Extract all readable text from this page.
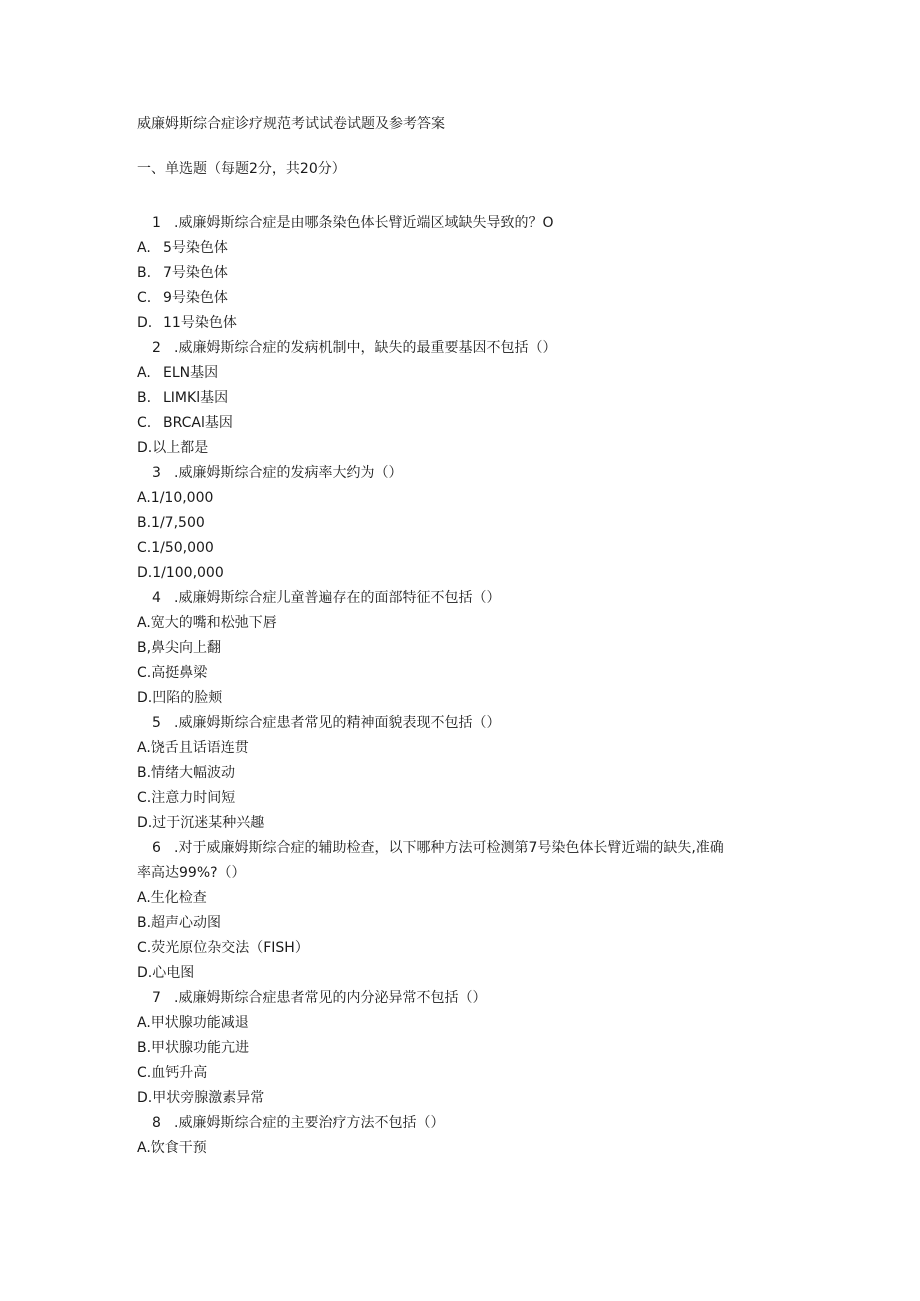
威廉姆斯综合症诊疗规范考试试卷试题及参考答案
一、单选题（每题2分，共20分）
1 .威廉姆斯综合症是由哪条染色体长臂近端区域缺失导致的？O
A. 5号染色体
B. 7号染色体
C. 9号染色体
D. 11号染色体
2 .威廉姆斯综合症的发病机制中，缺失的最重要基因不包括（）
A. ELN基因
B. LIMKl基因
C. BRCAl基因
D.以上都是
3 .威廉姆斯综合症的发病率大约为（）
A.1/10,000
B.1/7,500
C.1/50,000
D.1/100,000
4 .威廉姆斯综合症儿童普遍存在的面部特征不包括（）
A.宽大的嘴和松弛下唇
B,鼻尖向上翻
C.高挺鼻梁
D.凹陷的脸颊
5 .威廉姆斯综合症患者常见的精神面貌表现不包括（）
A.饶舌且话语连贯
B.情绪大幅波动
C.注意力时间短
D.过于沉迷某种兴趣
6 .对于威廉姆斯综合症的辅助检查，以下哪种方法可检测第7号染色体长臂近端的缺失,准确
率高达99%?（）
A.生化检查
B.超声心动图
C.荧光原位杂交法（FISH）
D.心电图
7 .威廉姆斯综合症患者常见的内分泌异常不包括（）
A.甲状腺功能减退
B.甲状腺功能亢进
C.血钙升高
D.甲状旁腺激素异常
8 .威廉姆斯综合症的主要治疗方法不包括（）
A.饮食干预
